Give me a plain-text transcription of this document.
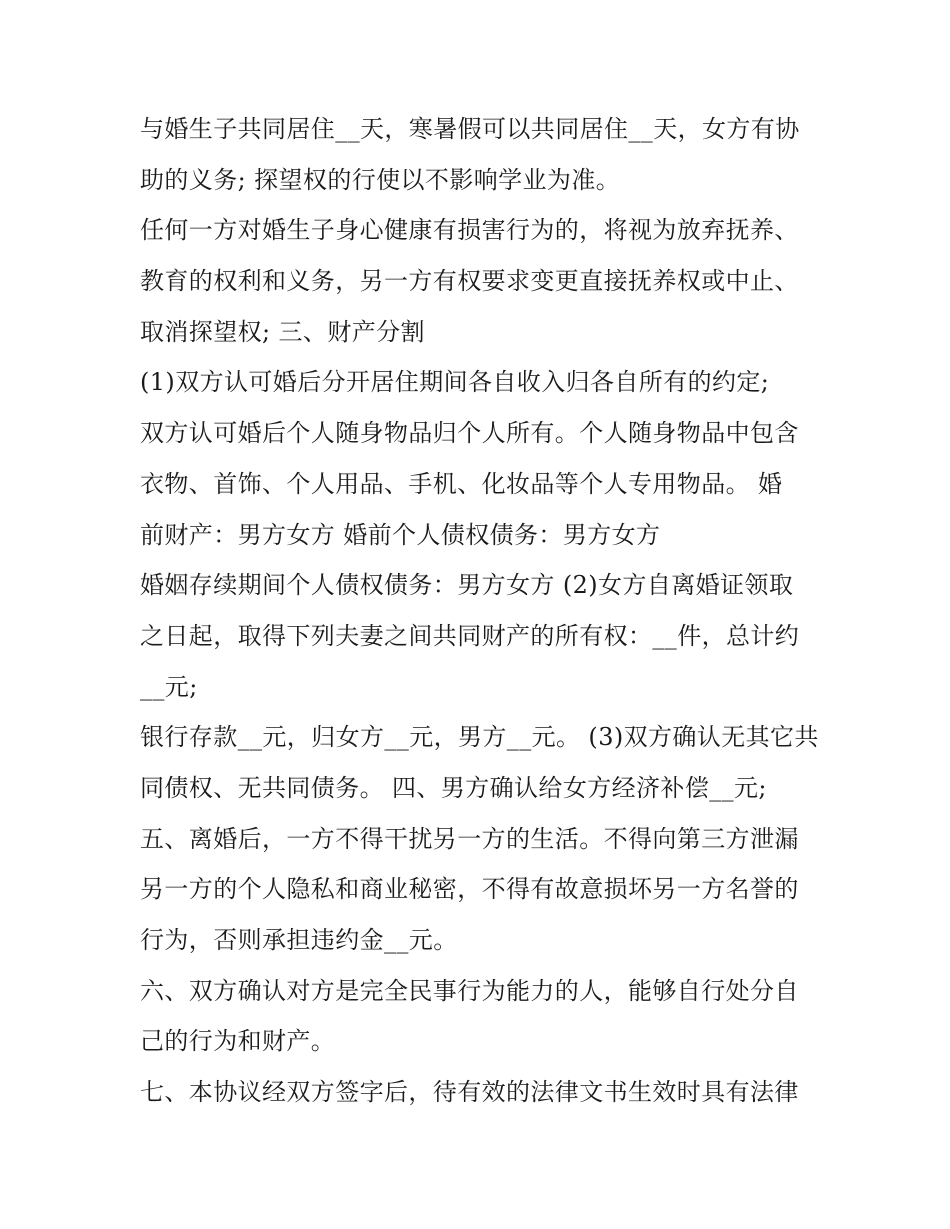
与婚生子共同居住__天，寒暑假可以共同居住__天，女方有协
助的义务; 探望权的行使以不影响学业为准。
任何一方对婚生子身心健康有损害行为的，将视为放弃抚养、
教育的权利和义务，另一方有权要求变更直接抚养权或中止、
取消探望权; 三、财产分割
(1)双方认可婚后分开居住期间各自收入归各自所有的约定;
双方认可婚后个人随身物品归个人所有。个人随身物品中包含
衣物、首饰、个人用品、手机、化妆品等个人专用物品。 婚
前财产：男方女方 婚前个人债权债务：男方女方
婚姻存续期间个人债权债务：男方女方 (2)女方自离婚证领取
之日起，取得下列夫妻之间共同财产的所有权：__件，总计约
__元;
银行存款__元，归女方__元，男方__元。 (3)双方确认无其它共
同债权、无共同债务。 四、男方确认给女方经济补偿__元;
五、离婚后，一方不得干扰另一方的生活。不得向第三方泄漏
另一方的个人隐私和商业秘密，不得有故意损坏另一方名誉的
行为，否则承担违约金__元。
六、双方确认对方是完全民事行为能力的人，能够自行处分自
己的行为和财产。
七、本协议经双方签字后，待有效的法律文书生效时具有法律
